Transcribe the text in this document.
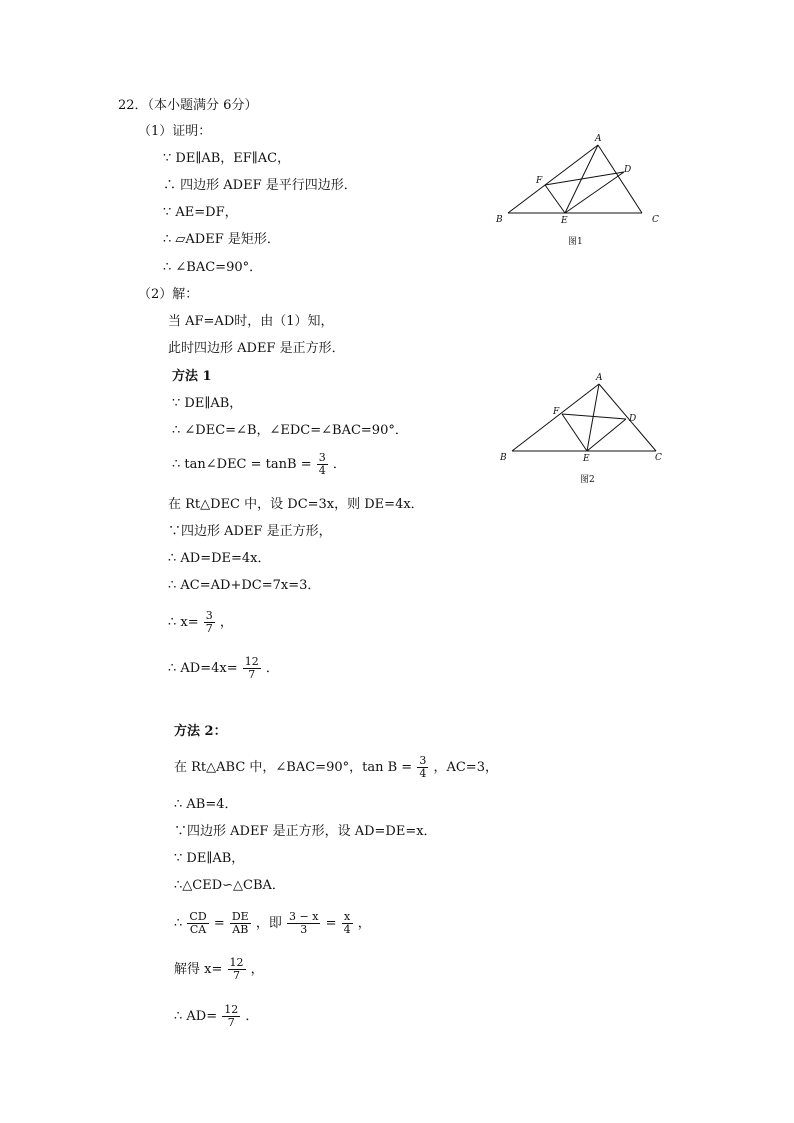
22．（本小题满分 6分）
（1）证明：
∵ DE∥AB，EF∥AC，
∴ 四边形 ADEF 是平行四边形．
∵ AE=DF，
∴ ▱ADEF 是矩形．
∴ ∠BAC=90°．
（2）解：
当 AF=AD时，由（1）知，
此时四边形 ADEF 是正方形．
方法 1
∵ DE∥AB，
∴ ∠DEC=∠B，∠EDC=∠BAC=90°．
∴ tan∠DEC = $\tan B = \frac{3}{4}$ ．
在 Rt△DEC 中，设 DC=3x，则 DE=4x．
∵四边形 ADEF 是正方形，
∴ AD=DE=4x．
∴ AC=AD+DC=7x=3．
∴ $x= \frac{3}{7}$ ，
∴ $AD=4x= \frac{12}{7}$ ．
方法 2：
在 Rt△ABC 中，∠BAC=90°，$\tan B = \frac{3}{4}$ ，AC=3，
∴ AB=4．
∵四边形 ADEF 是正方形，设 AD=DE=x．
∵ DE∥AB，
∴△CED∽△CBA．
∴ $\frac{CD}{CA} = \frac{DE}{AB}$ ，即 $\frac{3 - x}{3} = \frac{x}{4}$ ，
解得 $x= \frac{12}{7}$ ，
∴ $AD= \frac{12}{7}$ ．
A
B	C
D
E
F
图1
A
B	C
D
E
F
图2
